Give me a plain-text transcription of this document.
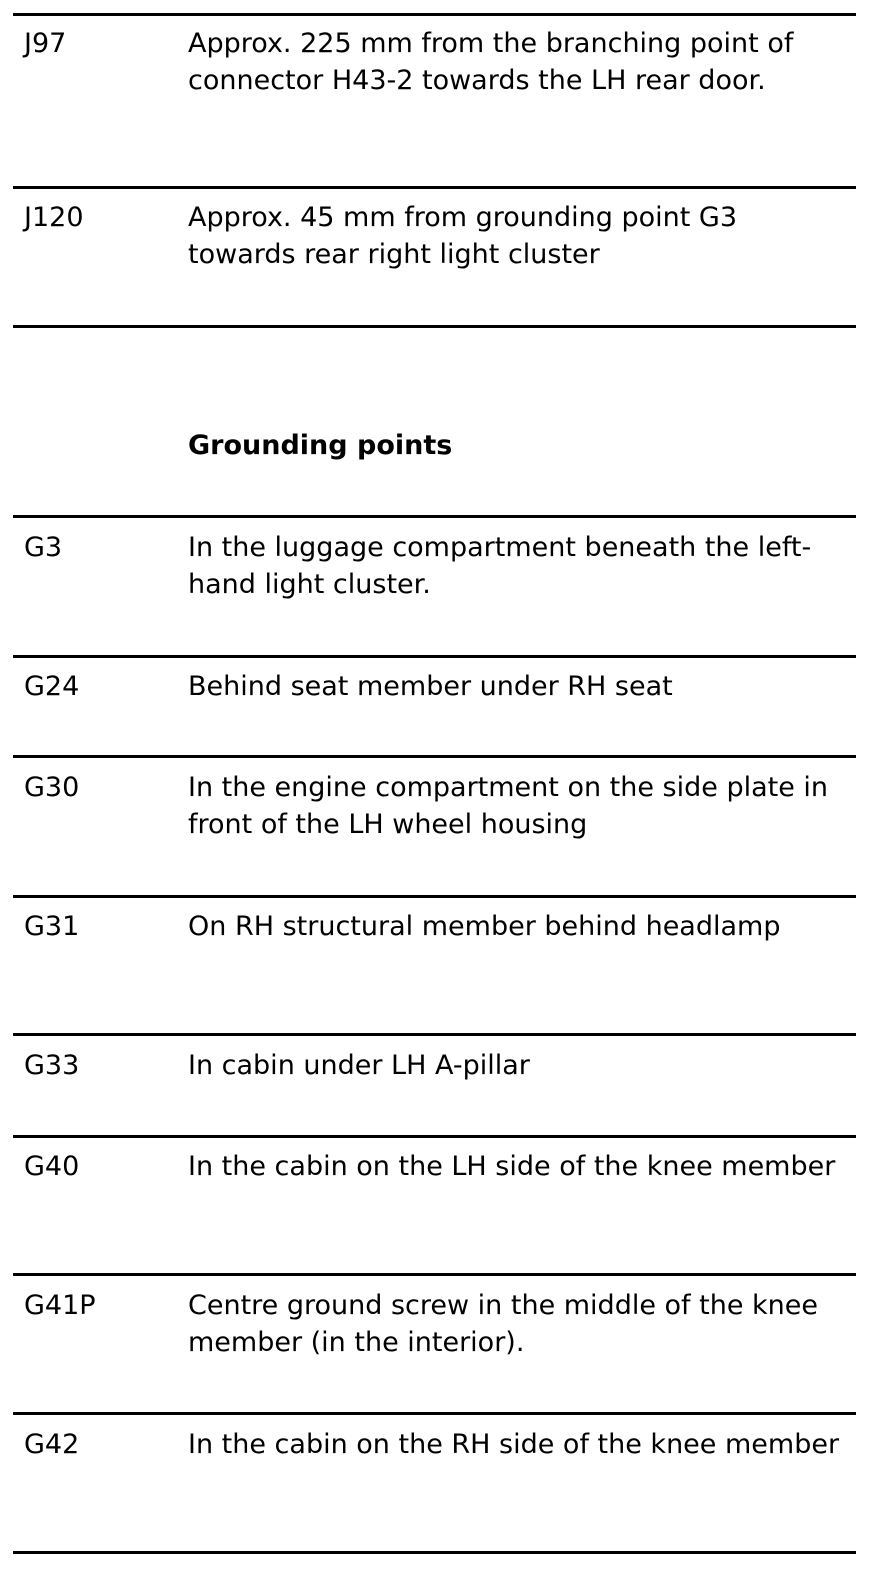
J97	Approx. 225 mm from the branching point of connector H43-2 towards the LH rear door.
J120	Approx. 45 mm from grounding point G3 towards rear right light cluster
Grounding points
G3	In the luggage compartment beneath the left-hand light cluster.
G24	Behind seat member under RH seat
G30	In the engine compartment on the side plate in front of the LH wheel housing
G31	On RH structural member behind headlamp
G33	In cabin under LH A-pillar
G40	In the cabin on the LH side of the knee member
G41P	Centre ground screw in the middle of the knee member (in the interior).
G42	In the cabin on the RH side of the knee member
